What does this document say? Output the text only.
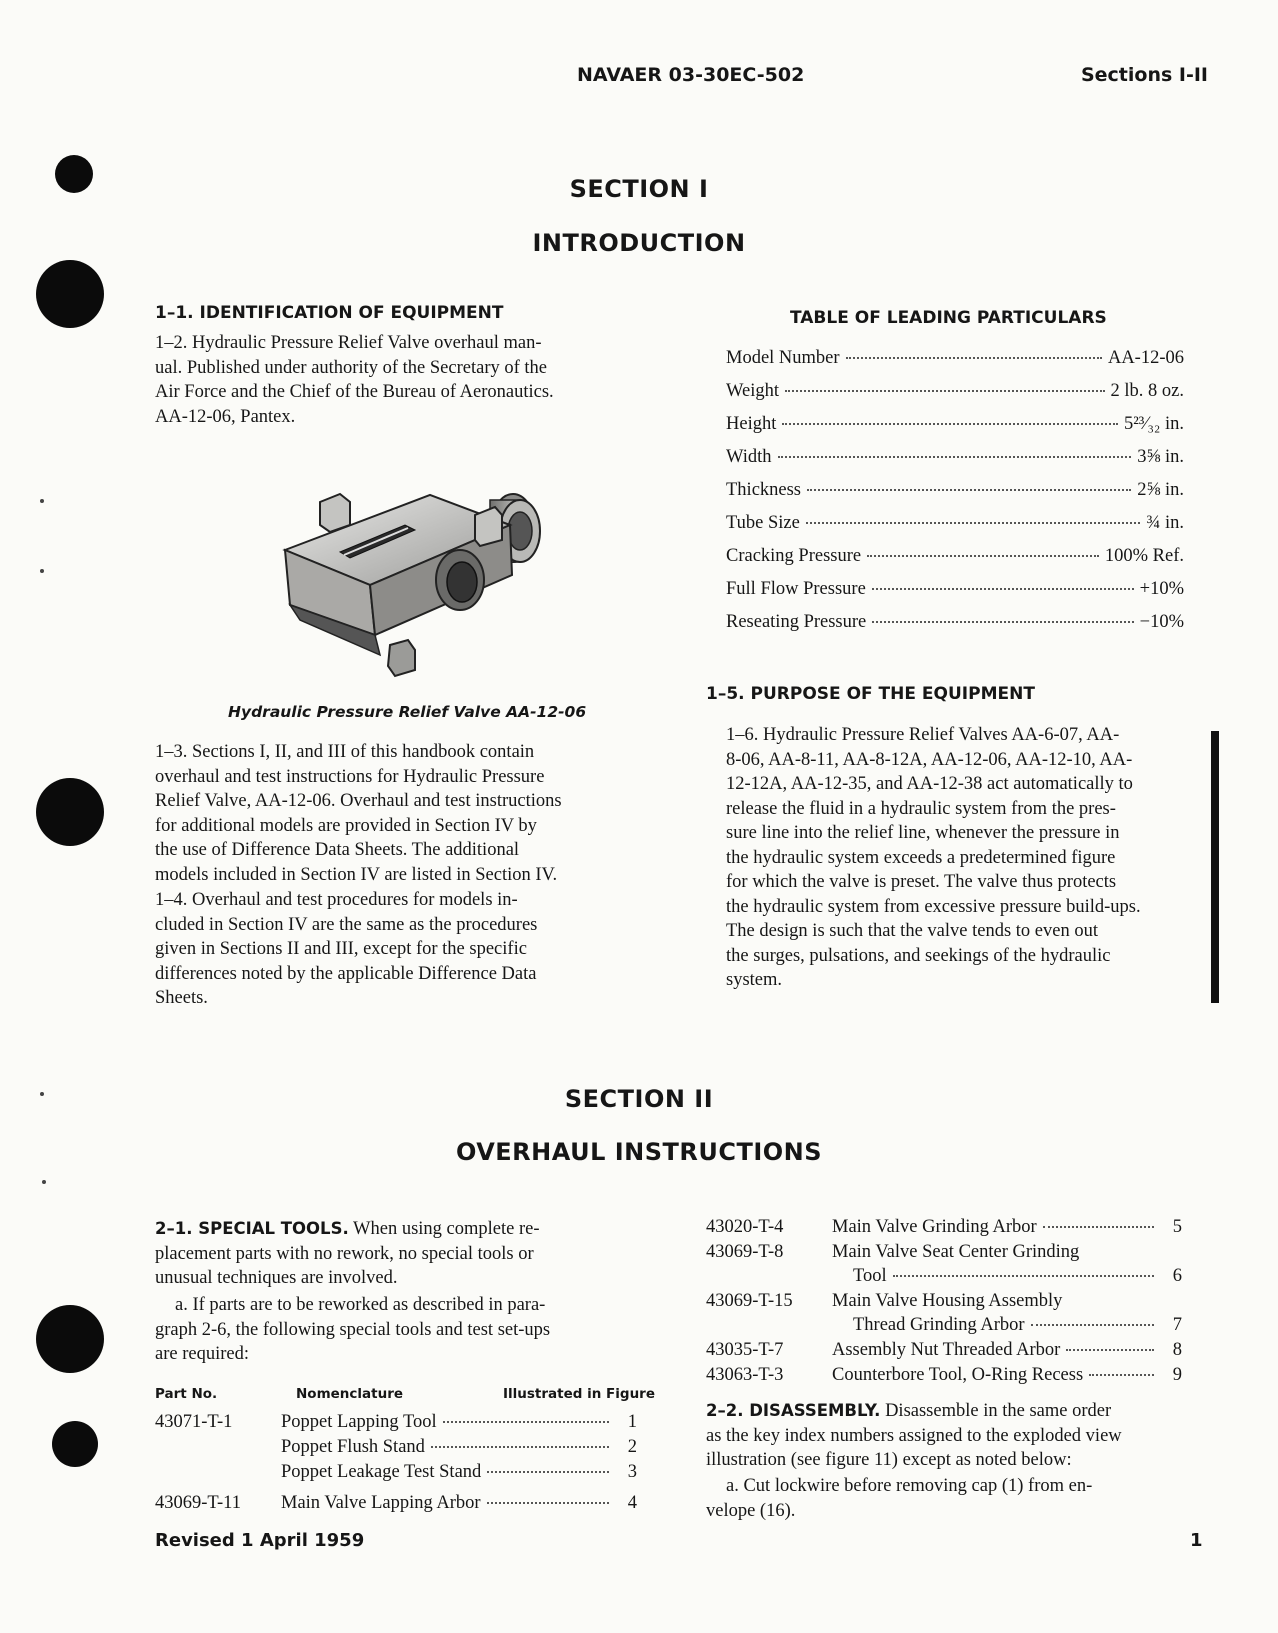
NAVAER 03-30EC-502	Sections I-II
SECTION I
INTRODUCTION
1–1. IDENTIFICATION OF EQUIPMENT
1–2. Hydraulic Pressure Relief Valve overhaul man-
ual. Published under authority of the Secretary of the
Air Force and the Chief of the Bureau of Aeronautics.
AA-12-06, Pantex.
Hydraulic Pressure Relief Valve AA-12-06
1–3. Sections I, II, and III of this handbook contain
overhaul and test instructions for Hydraulic Pressure
Relief Valve, AA-12-06. Overhaul and test instructions
for additional models are provided in Section IV by
the use of Difference Data Sheets. The additional
models included in Section IV are listed in Section IV.
1–4. Overhaul and test procedures for models in-
cluded in Section IV are the same as the procedures
given in Sections II and III, except for the specific
differences noted by the applicable Difference Data
Sheets.
TABLE OF LEADING PARTICULARS
Model Number	AA-12-06
Weight	2 lb. 8 oz.
Height	5²³⁄₃₂ in.
Width	3⅝ in.
Thickness	2⅝ in.
Tube Size	¾ in.
Cracking Pressure	100% Ref.
Full Flow Pressure	+10%
Reseating Pressure	−10%
1–5. PURPOSE OF THE EQUIPMENT
1–6. Hydraulic Pressure Relief Valves AA-6-07, AA-
8-06, AA-8-11, AA-8-12A, AA-12-06, AA-12-10, AA-
12-12A, AA-12-35, and AA-12-38 act automatically to
release the fluid in a hydraulic system from the pres-
sure line into the relief line, whenever the pressure in
the hydraulic system exceeds a predetermined figure
for which the valve is preset. The valve thus protects
the hydraulic system from excessive pressure build-ups.
The design is such that the valve tends to even out
the surges, pulsations, and seekings of the hydraulic
system.
SECTION II
OVERHAUL INSTRUCTIONS
2–1. SPECIAL TOOLS. When using complete re-
placement parts with no rework, no special tools or
unusual techniques are involved.
a. If parts are to be reworked as described in para-
graph 2-6, the following special tools and test set-ups
are required:
Part No.	Nomenclature	Illustrated in Figure
43071-T-1	Poppet Lapping Tool	1
Poppet Flush Stand	2
Poppet Leakage Test Stand	3
43069-T-11	Main Valve Lapping Arbor	4
43020-T-4	Main Valve Grinding Arbor	5
43069-T-8	Main Valve Seat Center Grinding
Tool	6
43069-T-15	Main Valve Housing Assembly
Thread Grinding Arbor	7
43035-T-7	Assembly Nut Threaded Arbor	8
43063-T-3	Counterbore Tool, O-Ring Recess	9
2–2. DISASSEMBLY. Disassemble in the same order
as the key index numbers assigned to the exploded view
illustration (see figure 11) except as noted below:
a. Cut lockwire before removing cap (1) from en-
velope (16).
Revised 1 April 1959	1
